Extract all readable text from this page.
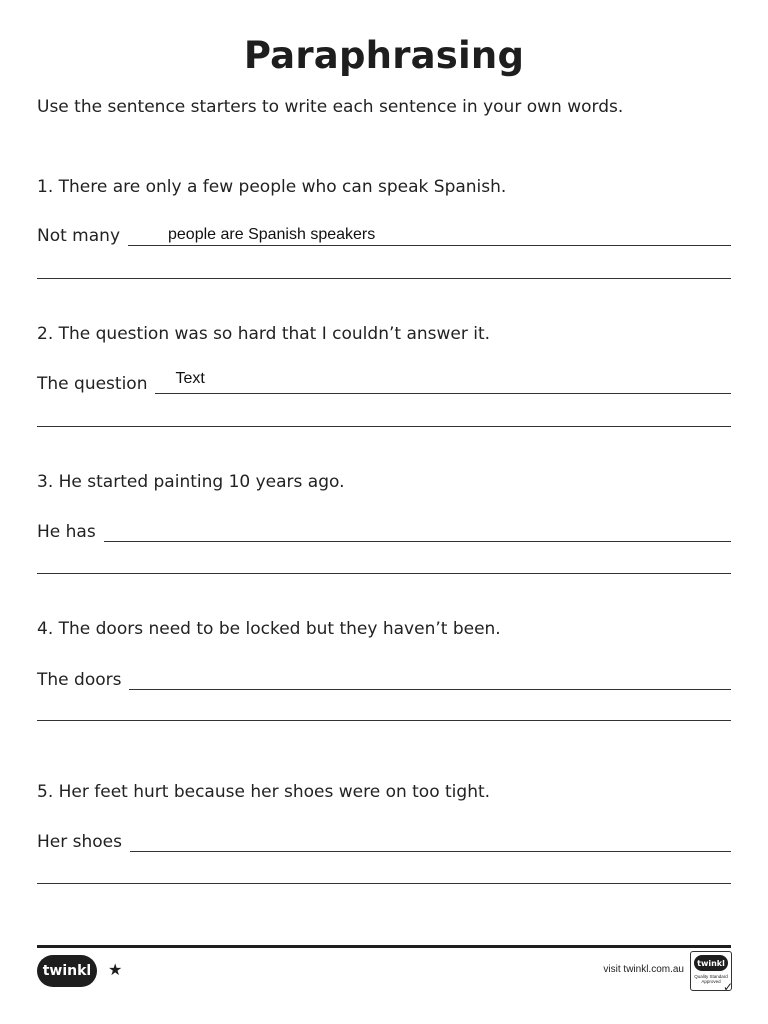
Paraphrasing

Use the sentence starters to write each sentence in your own words.

1. There are only a few people who can speak Spanish.

Not many	people are Spanish speakers

2. The question was so hard that I couldn’t answer it.

The question Text

3. He started painting 10 years ago.

He has

4. The doors need to be locked but they haven’t been.

The doors

5. Her feet hurt because her shoes were on too tight.

Her shoes
twinkl ★	visit twinkl.com.au
twinkl
Quality Standard Approved ✓
